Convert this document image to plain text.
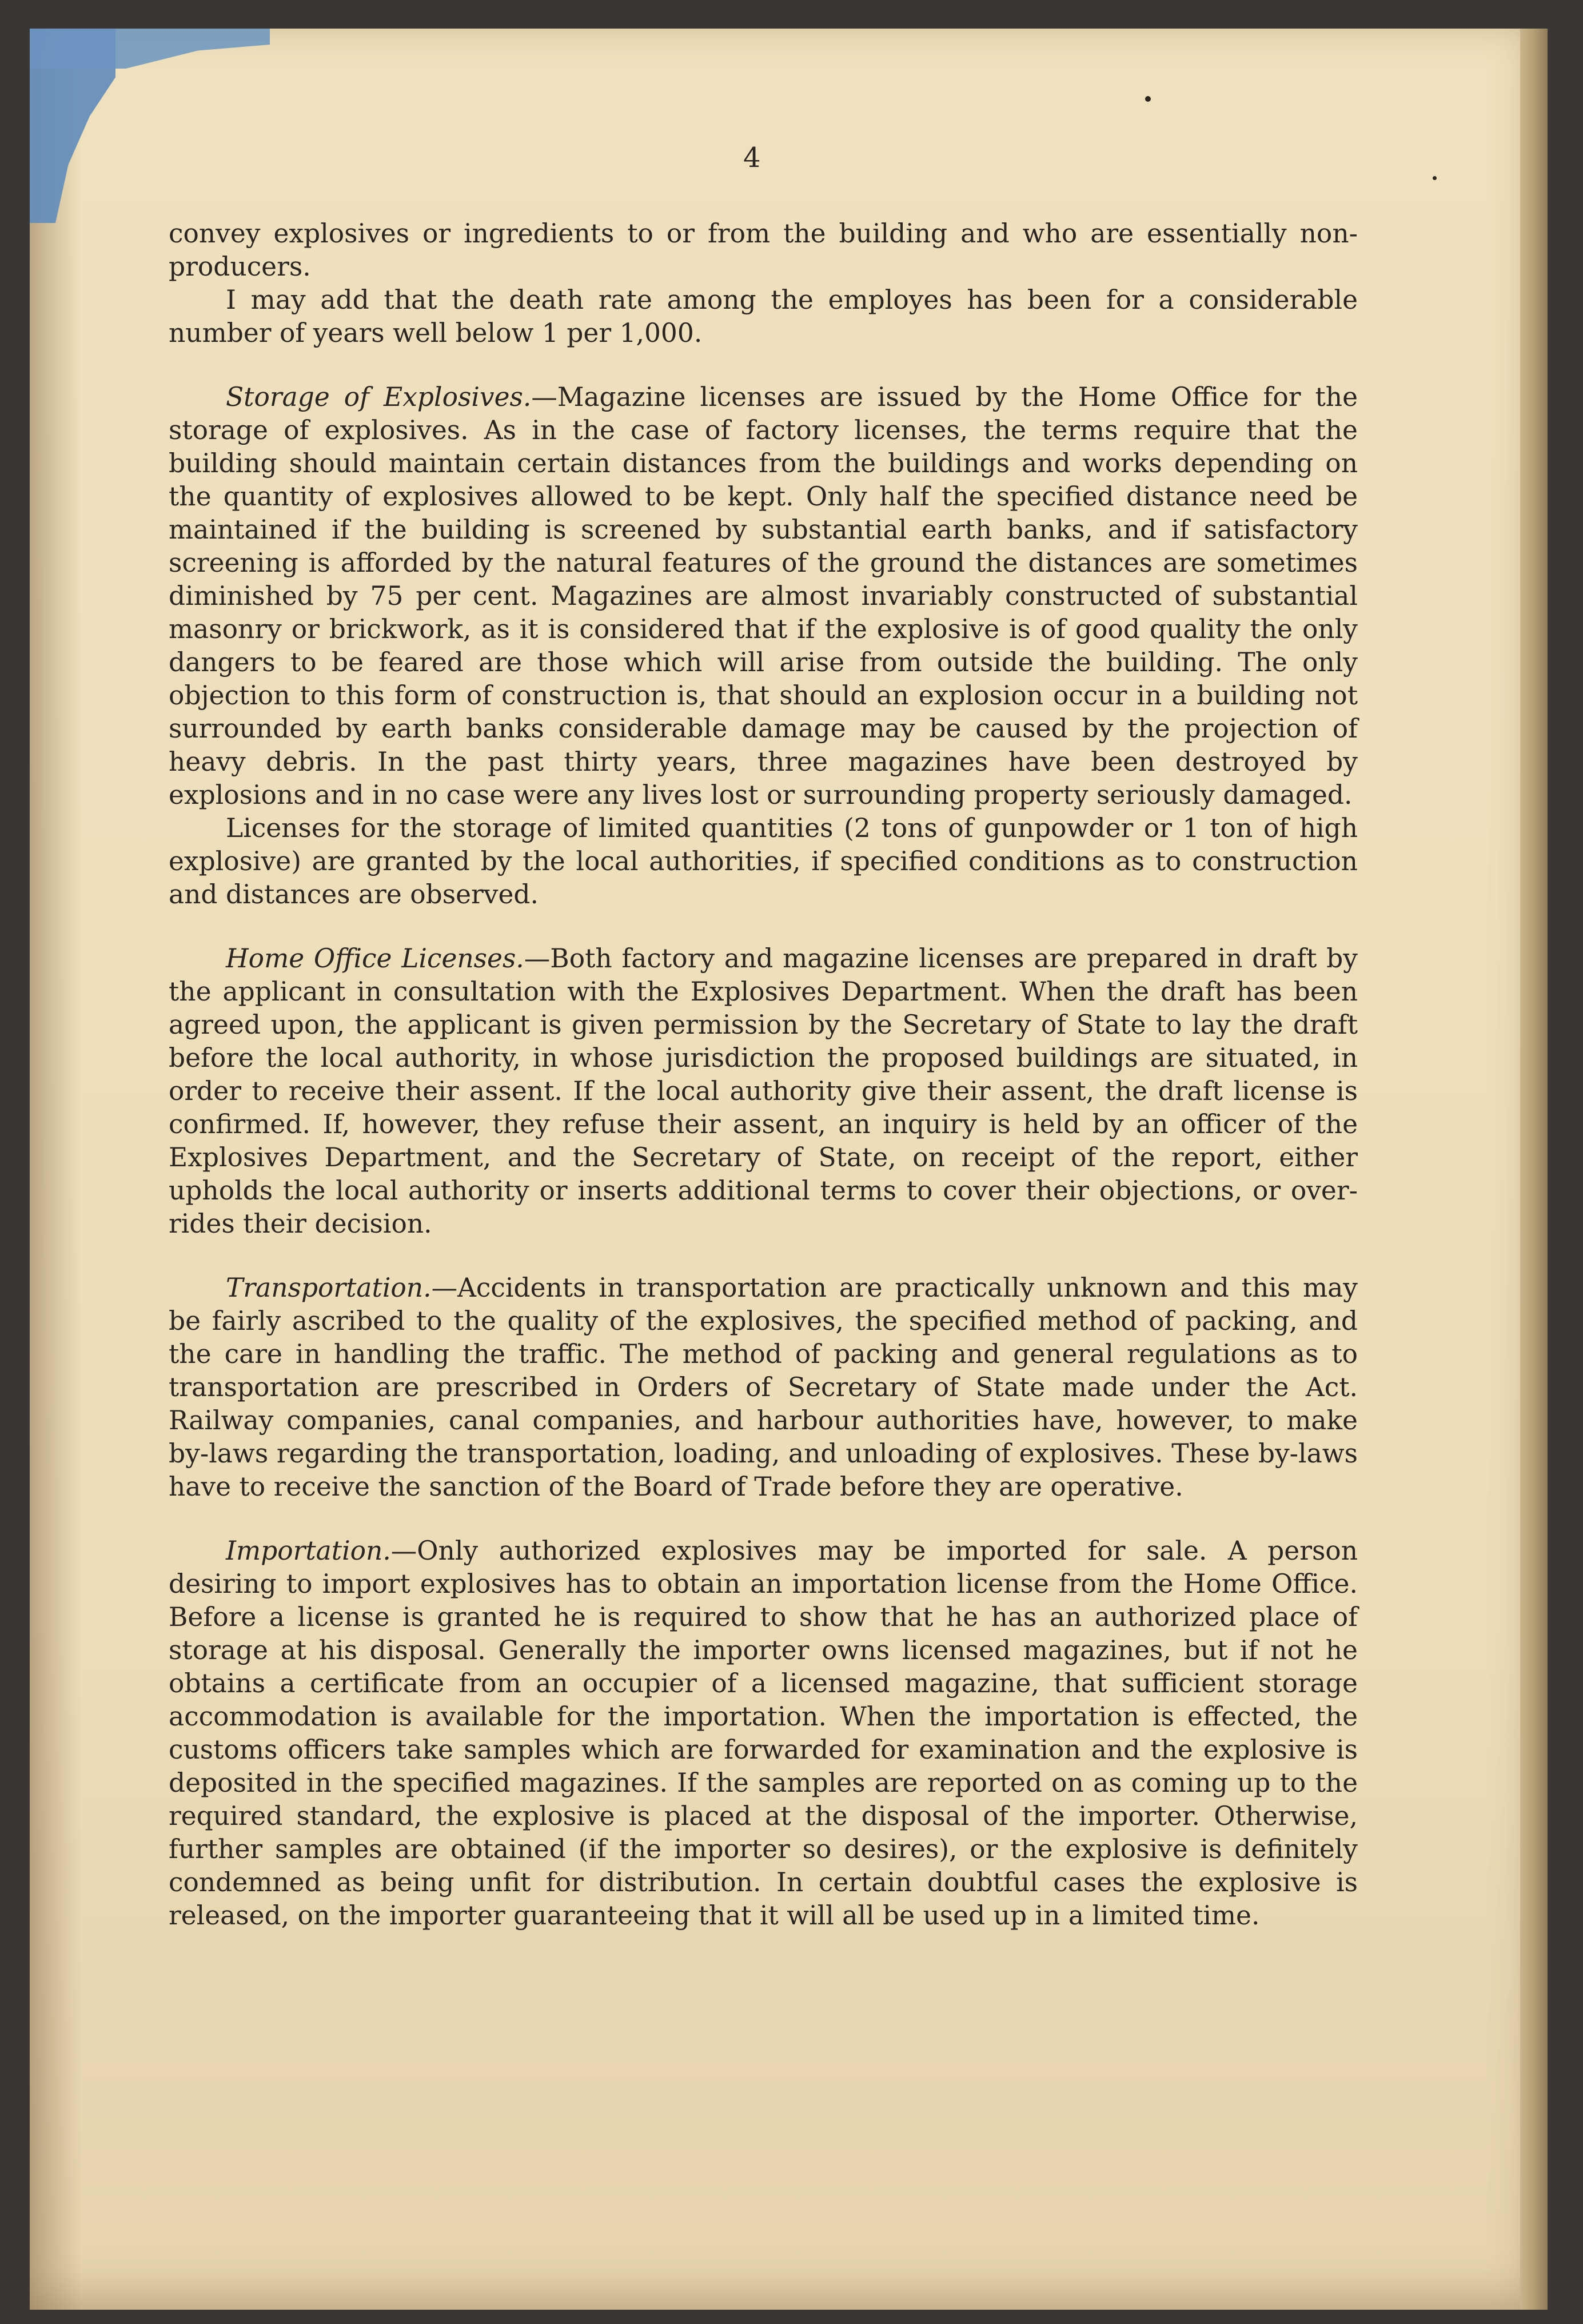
4

convey explosives or ingredients to or from the building and who are essentially non-producers.

I may add that the death rate among the employes has been for a considerable number of years well below 1 per 1,000.

Storage of Explosives.—Magazine licenses are issued by the Home Office for the storage of explosives. As in the case of factory licenses, the terms require that the building should maintain certain distances from the buildings and works depending on the quantity of explosives allowed to be kept. Only half the specified distance need be maintained if the building is screened by substantial earth banks, and if satisfactory screening is afforded by the natural features of the ground the distances are sometimes diminished by 75 per cent. Magazines are almost invariably constructed of substantial masonry or brickwork, as it is considered that if the explosive is of good quality the only dangers to be feared are those which will arise from outside the building. The only objection to this form of construction is, that should an explosion occur in a building not surrounded by earth banks considerable damage may be caused by the projection of heavy debris. In the past thirty years, three magazines have been destroyed by explosions and in no case were any lives lost or surrounding property seriously damaged.

Licenses for the storage of limited quantities (2 tons of gunpowder or 1 ton of high explosive) are granted by the local authorities, if specified conditions as to construction and distances are observed.

Home Office Licenses.—Both factory and magazine licenses are prepared in draft by the applicant in consultation with the Explosives Department. When the draft has been agreed upon, the applicant is given permission by the Secretary of State to lay the draft before the local authority, in whose jurisdiction the proposed buildings are situated, in order to receive their assent. If the local authority give their assent, the draft license is confirmed. If, however, they refuse their assent, an inquiry is held by an officer of the Explosives Department, and the Secretary of State, on receipt of the report, either upholds the local authority or inserts additional terms to cover their objections, or over-rides their decision.

Transportation.—Accidents in transportation are practically unknown and this may be fairly ascribed to the quality of the explosives, the specified method of packing, and the care in handling the traffic. The method of packing and general regulations as to transportation are prescribed in Orders of Secretary of State made under the Act. Railway companies, canal companies, and harbour authorities have, however, to make by-laws regarding the transportation, loading, and unloading of explosives. These by-laws have to receive the sanction of the Board of Trade before they are operative.

Importation.—Only authorized explosives may be imported for sale. A person desiring to import explosives has to obtain an importation license from the Home Office. Before a license is granted he is required to show that he has an authorized place of storage at his disposal. Generally the importer owns licensed magazines, but if not he obtains a certificate from an occupier of a licensed magazine, that sufficient storage accommodation is available for the importation. When the importation is effected, the customs officers take samples which are forwarded for examination and the explosive is deposited in the specified magazines. If the samples are reported on as coming up to the required standard, the explosive is placed at the disposal of the importer. Otherwise, further samples are obtained (if the importer so desires), or the explosive is definitely condemned as being unfit for distribution. In certain doubtful cases the explosive is released, on the importer guaranteeing that it will all be used up in a limited time.
